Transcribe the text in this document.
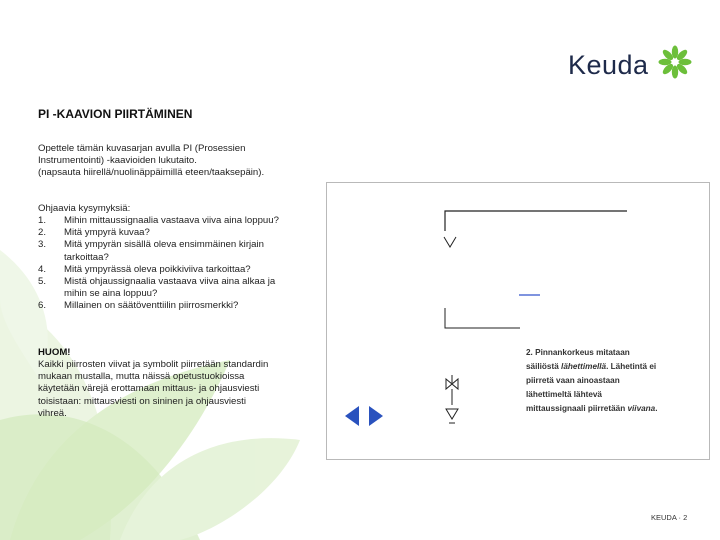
Keuda
PI -KAAVION PIIRTÄMINEN
Opettele tämän kuvasarjan avulla PI (Prosessien
Instrumentointi) -kaavioiden lukutaito.
(napsauta hiirellä/nuolinäppäimillä eteen/taaksepäin).
Ohjaavia kysymyksiä:
1.	Mihin mittaussignaalia vastaava viiva aina loppuu?
2.	Mitä ympyrä kuvaa?
3.	Mitä ympyrän sisällä oleva ensimmäinen kirjain
tarkoittaa?
4.	Mitä ympyrässä oleva poikkiviiva tarkoittaa?
5.	Mistä ohjaussignaalia vastaava viiva aina alkaa ja
mihin se aina loppuu?
6.	Millainen on säätöventtiilin piirrosmerkki?
HUOM!
Kaikki piirrosten viivat ja symbolit piirretään standardin
mukaan mustalla, mutta näissä opetustuokioissa
käytetään värejä erottamaan mittaus- ja ohjausviesti
toisistaan: mittausviesti on sininen ja ohjausviesti
vihreä.
2. Pinnankorkeus mitataan
säiliöstä lähettimellä. Lähetintä ei
piirretä vaan ainoastaan
lähettimeltä lähtevä
mittaussignaali piirretään viivana.
KEUDA · 2
